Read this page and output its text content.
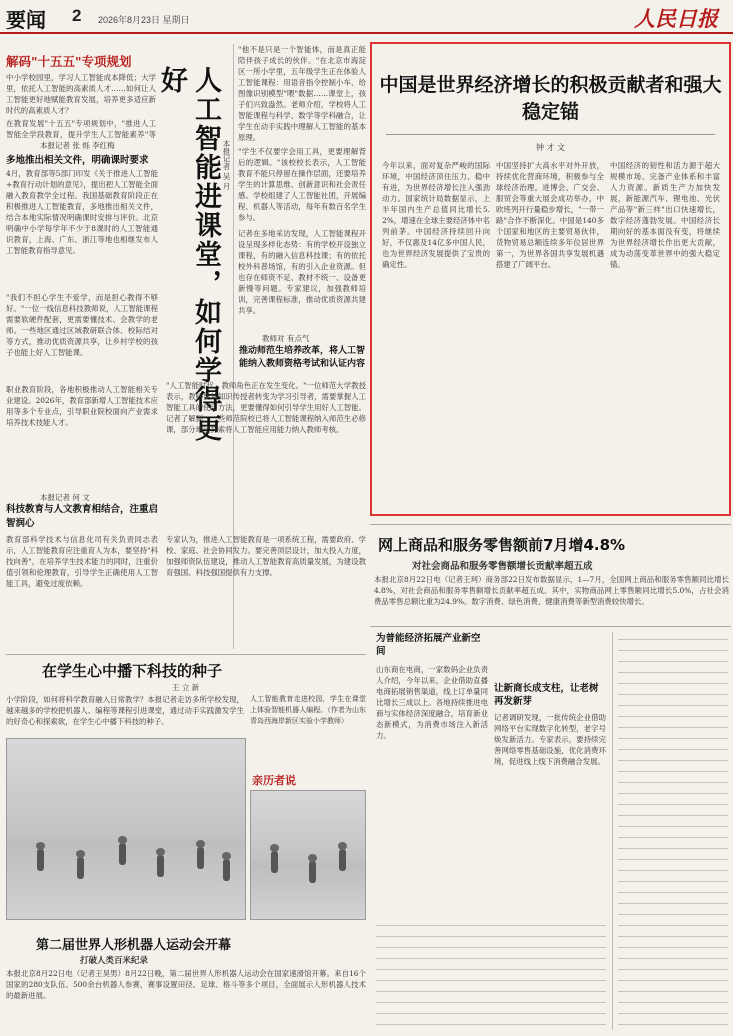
要闻 2 2026年8月23日 星期日	人民日报
解码"十五五"专项规划
中小学校园里，学习人工智能成本降低；大学里，依托人工智能的高素质人才……如何让人工智能更好地赋能教育发展，培养更多适应新时代的高素质人才？
在教育发展"十五五"专项规划中，"推进人工智能全学段教育，提升学生人工智能素养"等
本报记者 张 烁 李红梅
多地推出相关文件，明确课时要求
4月，教育部等5部门印发《关于推进人工智能+教育行动计划的意见》，提出把人工智能全面融入教育教学全过程。我国基础教育阶段正在积极推进人工智能教育，多地推出相关文件，结合本地实际情况明确课时安排与评价。北京明确中小学每学年不少于8课时的人工智能通识教育，上海、广东、浙江等地也相继发布人工智能教育指导意见。
"我们不担心学生不爱学，而是担心教得不够好。"一位一线信息科技教师说，人工智能课程需要软硬件配套，更需要懂技术、会教学的老师。一些地区通过区域教研联合体、校际结对等方式，推动优质资源共享，让乡村学校的孩子也能上好人工智能课。
职业教育阶段，各地积极推动人工智能相关专业建设。2026年，教育部新增人工智能技术应用等多个专业点，引导职业院校面向产业需求培养技术技能人才。
本报记者 何 文
科技教育与人文教育相结合，注重启智润心
教育部科学技术与信息化司有关负责同志表示，人工智能教育应注重育人为本，要坚持"科技向善"，在培养学生技术能力的同时，注重价值引领和伦理教育，引导学生正确使用人工智能工具，避免过度依赖。
人工智能进课堂，如何学得更好
本报记者 吴 月
"他不是只是一个智能体，而是真正能陪伴孩子成长的伙伴。"在北京市海淀区一所小学里，五年级学生正在体验人工智能课程：用语音指令控制小车、给图像识别模型"喂"数据……课堂上，孩子们兴致盎然。老师介绍，学校将人工智能课程与科学、数学等学科融合，让学生在动手实践中理解人工智能的基本原理。
"学生不仅要学会用工具，更要理解背后的逻辑。"该校校长表示，人工智能教育不能只停留在操作层面，还要培养学生的计算思维、创新意识和社会责任感。学校组建了人工智能社团，开展编程、机器人等活动，每年有数百名学生参与。
记者在多地采访发现，人工智能课程开设呈现多样化态势：有的学校开设独立课程，有的融入信息科技课；有的依托校外科普场馆，有的引入企业资源。但也存在师资不足、教材不统一、设备更新慢等问题。专家建议，加强教师培训，完善课程标准，推动优质资源共建共享。
教师对 有点气
推动师范生培养改革，将人工智能纳入教师资格考试和认证内容
"人工智能时代，教师角色正在发生变化。"一位师范大学教授表示，教师要从知识传授者转变为学习引导者，需要掌握人工智能工具的使用方法，更要懂得如何引导学生用好人工智能。记者了解到，一些师范院校已将人工智能课程纳入师范生必修课，部分地区探索将人工智能应用能力纳入教师考核。
专家认为，推进人工智能教育是一项系统工程，需要政府、学校、家庭、社会协同发力。要完善顶层设计，加大投入力度，加强师资队伍建设，推动人工智能教育高质量发展，为建设教育强国、科技强国提供有力支撑。
中国是世界经济增长的积极贡献者和强大稳定锚
钟 才 文
今年以来，面对复杂严峻的国际环境，中国经济顶住压力、稳中有进，为世界经济增长注入强劲动力。国家统计局数据显示，上半年国内生产总值同比增长5.2%，增速在全球主要经济体中名列前茅。中国经济持续回升向好，不仅惠及14亿多中国人民，也为世界经济发展提供了宝贵的确定性。
中国坚持扩大高水平对外开放，持续优化营商环境，积极参与全球经济治理。进博会、广交会、服贸会等重大展会成功举办，中欧班列开行量稳步增长，"一带一路"合作不断深化。中国是140多个国家和地区的主要贸易伙伴，货物贸易总额连续多年位居世界第一，为世界各国共享发展机遇搭建了广阔平台。
中国经济的韧性和活力源于超大规模市场、完备产业体系和丰富人力资源。新质生产力加快发展，新能源汽车、锂电池、光伏产品等"新三样"出口快速增长，数字经济蓬勃发展。中国经济长期向好的基本面没有变，将继续为世界经济增长作出更大贡献，成为动荡变革世界中的强大稳定锚。
网上商品和服务零售额前7月增4.8%
对社会商品和服务零售额增长贡献率超五成
本报北京8月22日电（记者王珂）商务部22日发布数据显示，1—7月，全国网上商品和服务零售额同比增长4.8%，对社会商品和服务零售额增长贡献率超五成。其中，实物商品网上零售额同比增长5.0%，占社会消费品零售总额比重为24.9%。数字消费、绿色消费、健康消费等新型消费较快增长。
为普能经济拓展产业新空间
山东商在电商，一家数码企业负责人介绍，今年以来，企业借助直播电商拓展销售渠道，线上订单量同比增长三成以上。各地持续推进电商与实体经济深度融合，培育新业态新模式，为消费市场注入新活力。
让新商长成支柱，让老树再发新芽
记者调研发现，一批传统企业借助网络平台实现数字化转型，老字号焕发新活力。专家表示，要持续完善网络零售基础设施，优化消费环境，促进线上线下消费融合发展。
在学生心中播下科技的种子
王 立 新
小学阶段，如何将科学教育融入日常教学？本报记者走访多所学校发现，越来越多的学校把机器人、编程等课程引进课堂，通过动手实践激发学生的好奇心和探索欲，在学生心中播下科技的种子。
人工智能教育走进校园，学生在课堂上体验智能机器人编程。（作者为山东青岛西海岸新区实验小学教师）
亲历者说
第二届世界人形机器人运动会开幕
打破人类百米纪录
本报北京8月22日电（记者王昊男）8月22日晚，第二届世界人形机器人运动会在国家速滑馆开幕。来自16个国家的280支队伍、500余台机器人参赛，赛事设置田径、足球、格斗等多个项目，全面展示人形机器人技术的最新进展。
